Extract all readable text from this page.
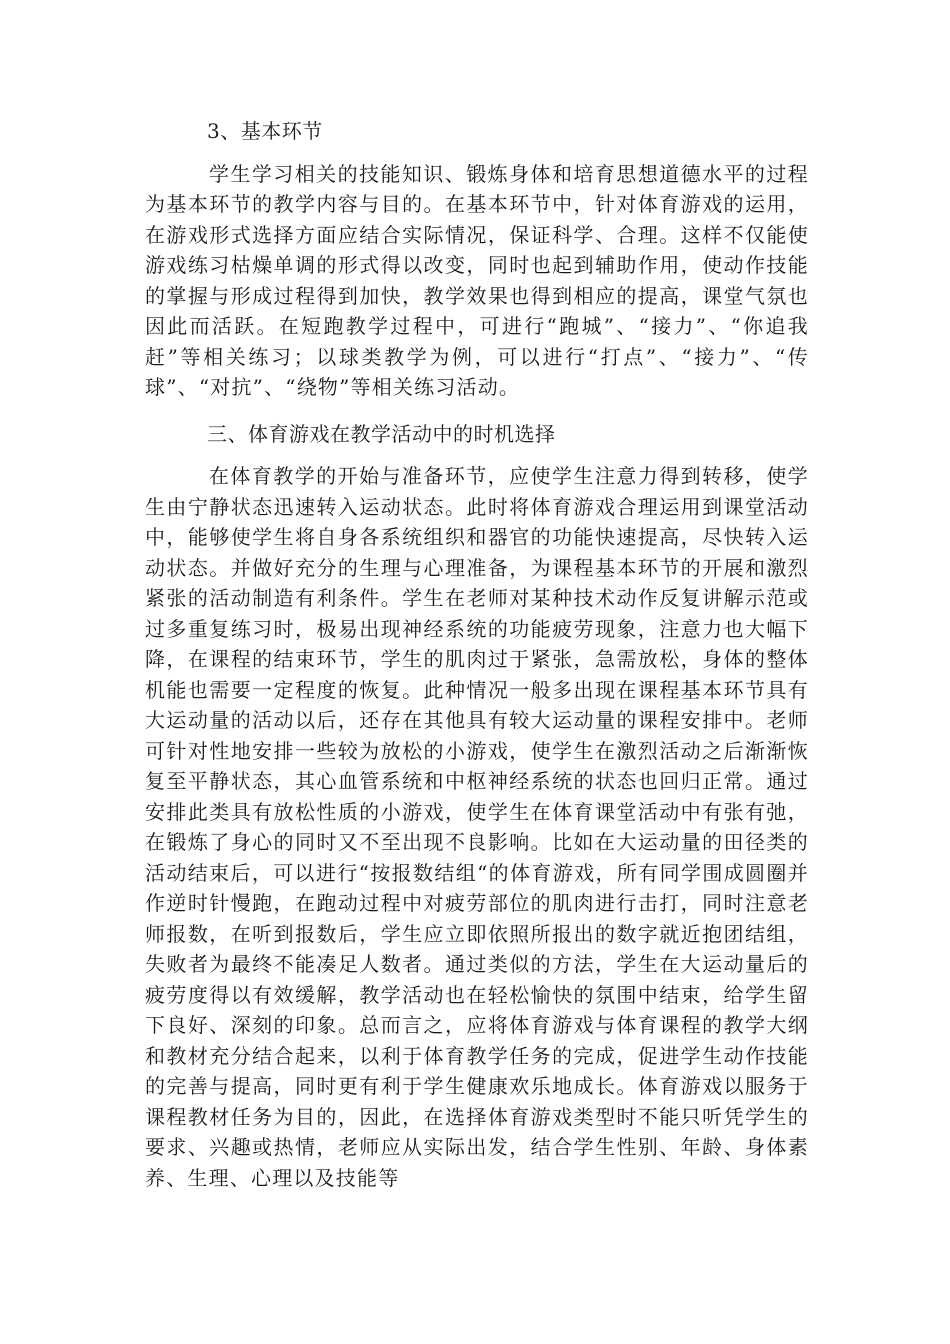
3、基本环节

学生学习相关的技能知识、锻炼身体和培育思想道德水平的过程为基本环节的教学内容与目的。在基本环节中，针对体育游戏的运用，在游戏形式选择方面应结合实际情况，保证科学、合理。这样不仅能使游戏练习枯燥单调的形式得以改变，同时也起到辅助作用，使动作技能的掌握与形成过程得到加快，教学效果也得到相应的提高，课堂气氛也因此而活跃。在短跑教学过程中，可进行“跑城”、“接力”、“你追我赶”等相关练习；以球类教学为例，可以进行“打点”、“接力”、“传球”、“对抗”、“绕物”等相关练习活动。

三、体育游戏在教学活动中的时机选择

在体育教学的开始与准备环节，应使学生注意力得到转移，使学生由宁静状态迅速转入运动状态。此时将体育游戏合理运用到课堂活动中，能够使学生将自身各系统组织和器官的功能快速提高，尽快转入运动状态。并做好充分的生理与心理准备，为课程基本环节的开展和激烈紧张的活动制造有利条件。学生在老师对某种技术动作反复讲解示范或过多重复练习时，极易出现神经系统的功能疲劳现象，注意力也大幅下降，在课程的结束环节，学生的肌肉过于紧张，急需放松，身体的整体机能也需要一定程度的恢复。此种情况一般多出现在课程基本环节具有大运动量的活动以后，还存在其他具有较大运动量的课程安排中。老师可针对性地安排一些较为放松的小游戏，使学生在激烈活动之后渐渐恢复至平静状态，其心血管系统和中枢神经系统的状态也回归正常。通过安排此类具有放松性质的小游戏，使学生在体育课堂活动中有张有弛，在锻炼了身心的同时又不至出现不良影响。比如在大运动量的田径类的活动结束后，可以进行“按报数结组“的体育游戏，所有同学围成圆圈并作逆时针慢跑，在跑动过程中对疲劳部位的肌肉进行击打，同时注意老师报数，在听到报数后，学生应立即依照所报出的数字就近抱团结组，失败者为最终不能凑足人数者。通过类似的方法，学生在大运动量后的疲劳度得以有效缓解，教学活动也在轻松愉快的氛围中结束，给学生留下良好、深刻的印象。总而言之，应将体育游戏与体育课程的教学大纲和教材充分结合起来，以利于体育教学任务的完成，促进学生动作技能的完善与提高，同时更有利于学生健康欢乐地成长。体育游戏以服务于课程教材任务为目的，因此，在选择体育游戏类型时不能只听凭学生的要求、兴趣或热情，老师应从实际出发，结合学生性别、年龄、身体素养、生理、心理以及技能等
